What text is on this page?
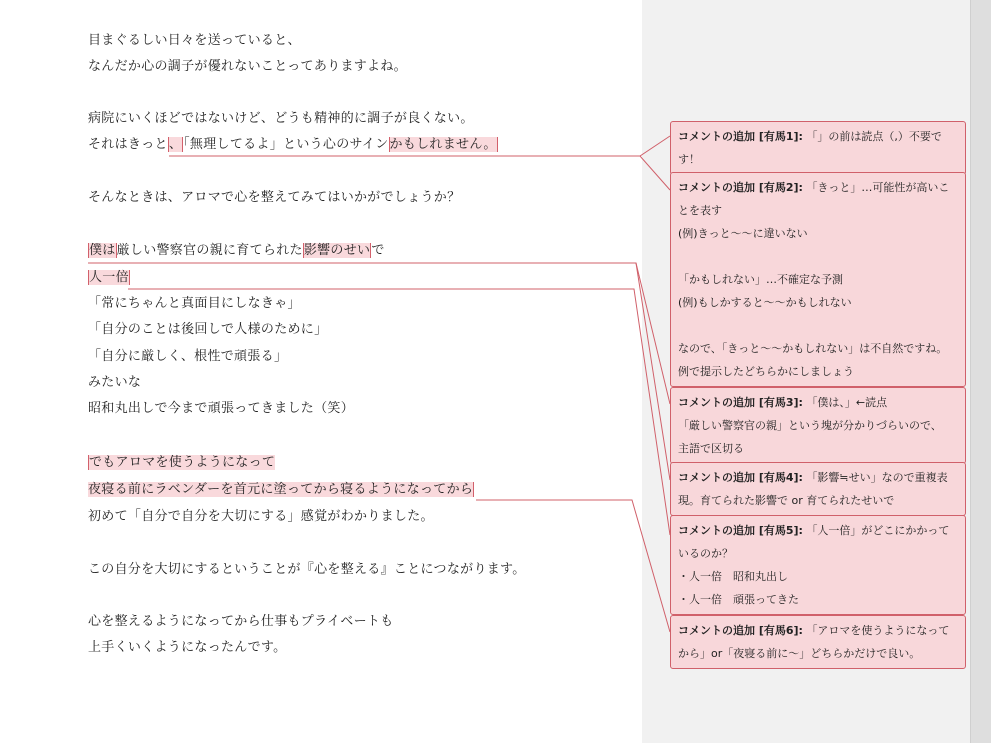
目まぐるしい日々を送っていると、
なんだか心の調子が優れないことってありますよね。
病院にいくほどではないけど、どうも精神的に調子が良くない。
それはきっと、「無理してるよ」という心のサインかもしれません。
そんなときは、アロマで心を整えてみてはいかがでしょうか？
僕は厳しい警察官の親に育てられた影響のせいで
人一倍
「常にちゃんと真面目にしなきゃ」
「自分のことは後回しで人様のために」
「自分に厳しく、根性で頑張る」
みたいな
昭和丸出しで今まで頑張ってきました（笑）
でもアロマを使うようになって
夜寝る前にラベンダーを首元に塗ってから寝るようになってから
初めて「自分で自分を大切にする」感覚がわかりました。
この自分を大切にするということが『心を整える』ことにつながります。
心を整えるようになってから仕事もプライベートも
上手くいくようになったんです。
コメントの追加 [有馬1]: 「」の前は読点（,）不要で
す！
コメントの追加 [有馬2]: 「きっと」…可能性が高いこ
とを表す
(例)きっと～～に違いない
「かもしれない」…不確定な予測
(例)もしかすると～～かもしれない
なので、「きっと～～かもしれない」は不自然ですね。
例で提示したどちらかにしましょう
コメントの追加 [有馬3]: 「僕は、」←読点
「厳しい警察官の親」という塊が分かりづらいので、
主語で区切る
コメントの追加 [有馬4]: 「影響≒せい」なので重複表
現。育てられた影響で or 育てられたせいで
コメントの追加 [有馬5]: 「人一倍」がどこにかかって
いるのか？
・人一倍　昭和丸出し
・人一倍　頑張ってきた
コメントの追加 [有馬6]: 「アロマを使うようになって
から」or「夜寝る前に～」どちらかだけで良い。
